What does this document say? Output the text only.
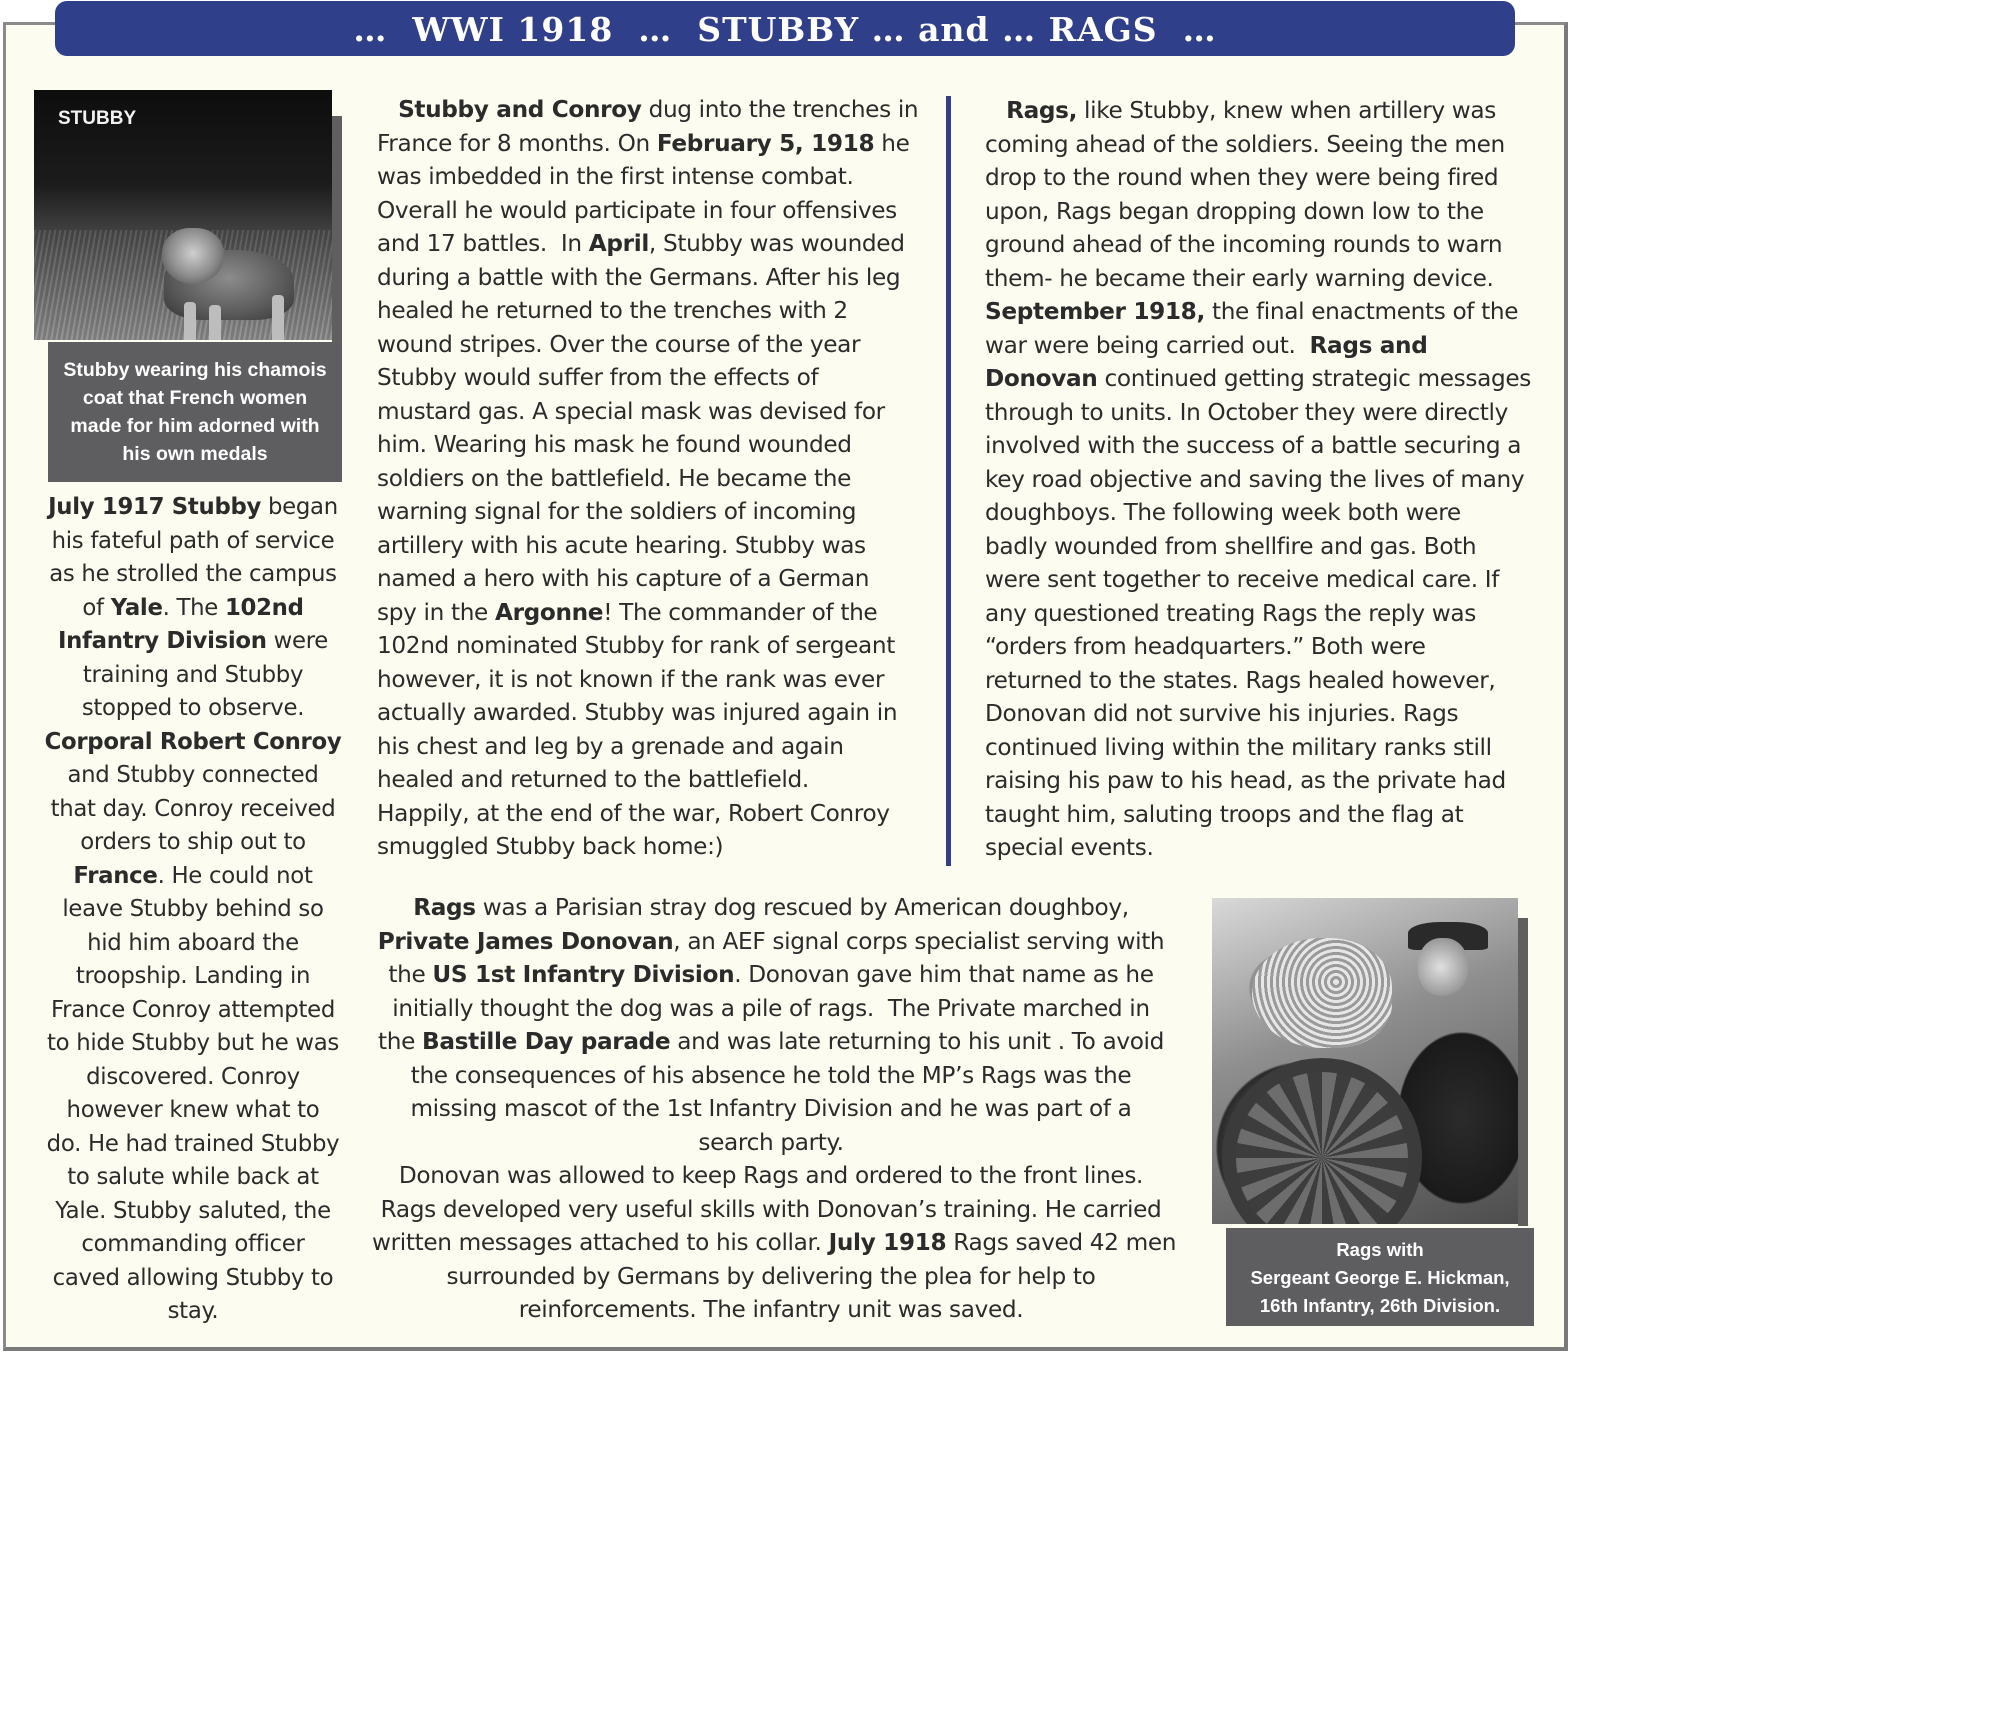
…  WWI 1918  …  STUBBY … and … RAGS  …
STUBBY
Stubby wearing his chamois
coat that French women
made for him adorned with
his own medals
July 1917 Stubby began
his fateful path of service
as he strolled the campus
of Yale. The 102nd
Infantry Division were
training and Stubby
stopped to observe.
Corporal Robert Conroy
and Stubby connected
that day. Conroy received
orders to ship out to
France. He could not
leave Stubby behind so
hid him aboard the
troopship. Landing in
France Conroy attempted
to hide Stubby but he was
discovered. Conroy
however knew what to
do. He had trained Stubby
to salute while back at
Yale. Stubby saluted, the
commanding officer
caved allowing Stubby to
stay.
Stubby and Conroy dug into the trenches in
France for 8 months. On February 5, 1918 he
was imbedded in the first intense combat.
Overall he would participate in four offensives
and 17 battles.  In April, Stubby was wounded
during a battle with the Germans. After his leg
healed he returned to the trenches with 2
wound stripes. Over the course of the year
Stubby would suffer from the effects of
mustard gas. A special mask was devised for
him. Wearing his mask he found wounded
soldiers on the battlefield. He became the
warning signal for the soldiers of incoming
artillery with his acute hearing. Stubby was
named a hero with his capture of a German
spy in the Argonne! The commander of the
102nd nominated Stubby for rank of sergeant
however, it is not known if the rank was ever
actually awarded. Stubby was injured again in
his chest and leg by a grenade and again
healed and returned to the battlefield.
Happily, at the end of the war, Robert Conroy
smuggled Stubby back home:)
Rags, like Stubby, knew when artillery was
coming ahead of the soldiers. Seeing the men
drop to the round when they were being fired
upon, Rags began dropping down low to the
ground ahead of the incoming rounds to warn
them- he became their early warning device.
September 1918, the final enactments of the
war were being carried out.  Rags and
Donovan continued getting strategic messages
through to units. In October they were directly
involved with the success of a battle securing a
key road objective and saving the lives of many
doughboys. The following week both were
badly wounded from shellfire and gas. Both
were sent together to receive medical care. If
any questioned treating Rags the reply was
“orders from headquarters.” Both were
returned to the states. Rags healed however,
Donovan did not survive his injuries. Rags
continued living within the military ranks still
raising his paw to his head, as the private had
taught him, saluting troops and the flag at
special events.
Rags was a Parisian stray dog rescued by American doughboy,
Private James Donovan, an AEF signal corps specialist serving with
the US 1st Infantry Division. Donovan gave him that name as he
initially thought the dog was a pile of rags.  The Private marched in
the Bastille Day parade and was late returning to his unit . To avoid
the consequences of his absence he told the MP’s Rags was the
missing mascot of the 1st Infantry Division and he was part of a
search party.
Donovan was allowed to keep Rags and ordered to the front lines.
Rags developed very useful skills with Donovan’s training. He carried
written messages attached to his collar. July 1918 Rags saved 42 men
surrounded by Germans by delivering the plea for help to
reinforcements. The infantry unit was saved.
Rags with
Sergeant George E. Hickman,
16th Infantry, 26th Division.
